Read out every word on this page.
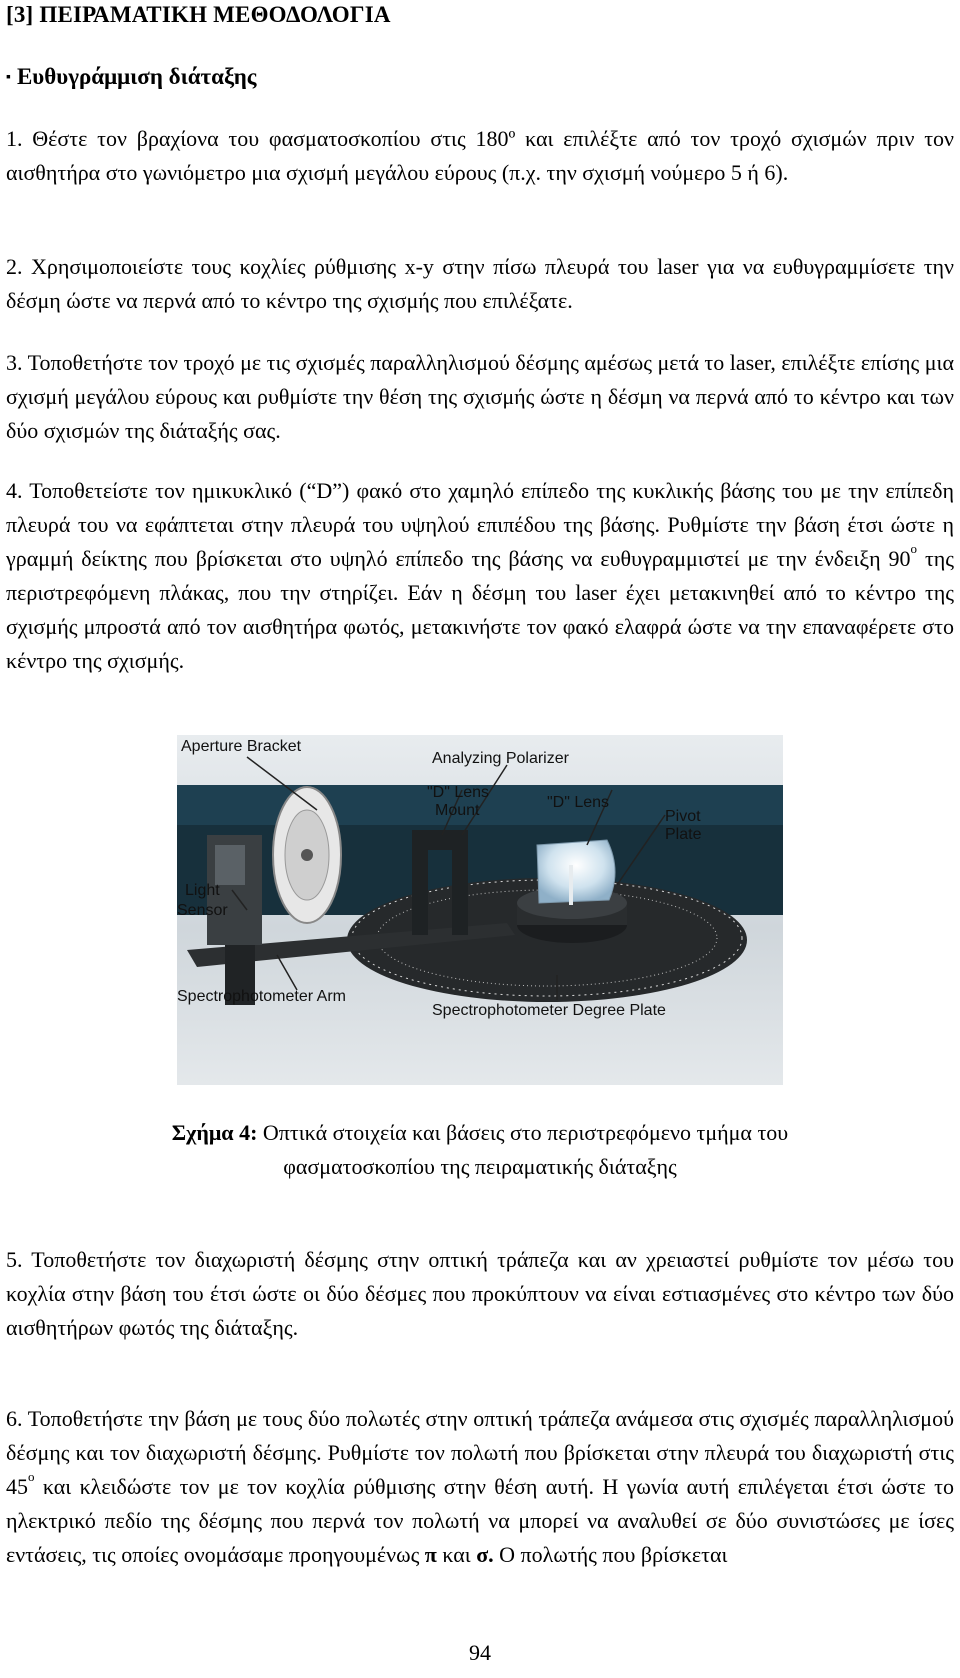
[3] ΠΕΙΡΑΜΑΤΙΚΗ ΜΕΘΟΔΟΛΟΓΙΑ
▪ Ευθυγράμμιση διάταξης
1. Θέστε τον βραχίονα του φασματοσκοπίου στις 180º και επιλέξτε από τον τροχό σχισμών πριν τον αισθητήρα στο γωνιόμετρο μια σχισμή μεγάλου εύρους (π.χ. την σχισμή νούμερο 5 ή 6).
2. Χρησιμοποιείστε τους κοχλίες ρύθμισης x-y στην πίσω πλευρά του laser για να ευθυγραμμίσετε την δέσμη ώστε να περνά από το κέντρο της σχισμής που επιλέξατε.
3. Τοποθετήστε τον τροχό με τις σχισμές παραλληλισμού δέσμης αμέσως μετά το laser, επιλέξτε επίσης μια σχισμή μεγάλου εύρους και ρυθμίστε την θέση της σχισμής ώστε η δέσμη να περνά από το κέντρο και των δύο σχισμών της διάταξής σας.
4. Τοποθετείστε τον ημικυκλικό (“D”) φακό στο χαμηλό επίπεδο της κυκλικής βάσης του με την επίπεδη πλευρά του να εφάπτεται στην πλευρά του υψηλού επιπέδου της βάσης. Ρυθμίστε την βάση έτσι ώστε η γραμμή δείκτης που βρίσκεται στο υψηλό επίπεδο της βάσης να ευθυγραμμιστεί με την ένδειξη $90^o$ της περιστρεφόμενη πλάκας, που την στηρίζει. Εάν η δέσμη του laser έχει μετακινηθεί από το κέντρο της σχισμής μπροστά από τον αισθητήρα φωτός, μετακινήστε τον φακό ελαφρά ώστε να την επαναφέρετε στο κέντρο της σχισμής.
Aperture Bracket
Analyzing Polarizer
"D" Lens
"D" Lens
Mount	Pivot
Plate
Light
Sensor
Spectrophotometer Arm
Spectrophotometer Degree Plate
Σχήμα 4: Οπτικά στοιχεία και βάσεις στο περιστρεφόμενο τμήμα του
φασματοσκοπίου της πειραματικής διάταξης
5. Τοποθετήστε τον διαχωριστή δέσμης στην οπτική τράπεζα και αν χρειαστεί ρυθμίστε τον μέσω του κοχλία στην βάση του έτσι ώστε οι δύο δέσμες που προκύπτουν να είναι εστιασμένες στο κέντρο των δύο αισθητήρων φωτός της διάταξης.
6. Τοποθετήστε την βάση με τους δύο πολωτές στην οπτική τράπεζα ανάμεσα στις σχισμές παραλληλισμού δέσμης και τον διαχωριστή δέσμης. Ρυθμίστε τον πολωτή που βρίσκεται στην πλευρά του διαχωριστή στις $45^o$ και κλειδώστε τον με τον κοχλία ρύθμισης στην θέση αυτή. Η γωνία αυτή επιλέγεται έτσι ώστε το ηλεκτρικό πεδίο της δέσμης που περνά τον πολωτή να μπορεί να αναλυθεί σε δύο συνιστώσες με ίσες εντάσεις, τις οποίες ονομάσαμε προηγουμένως π και σ. Ο πολωτής που βρίσκεται
94
